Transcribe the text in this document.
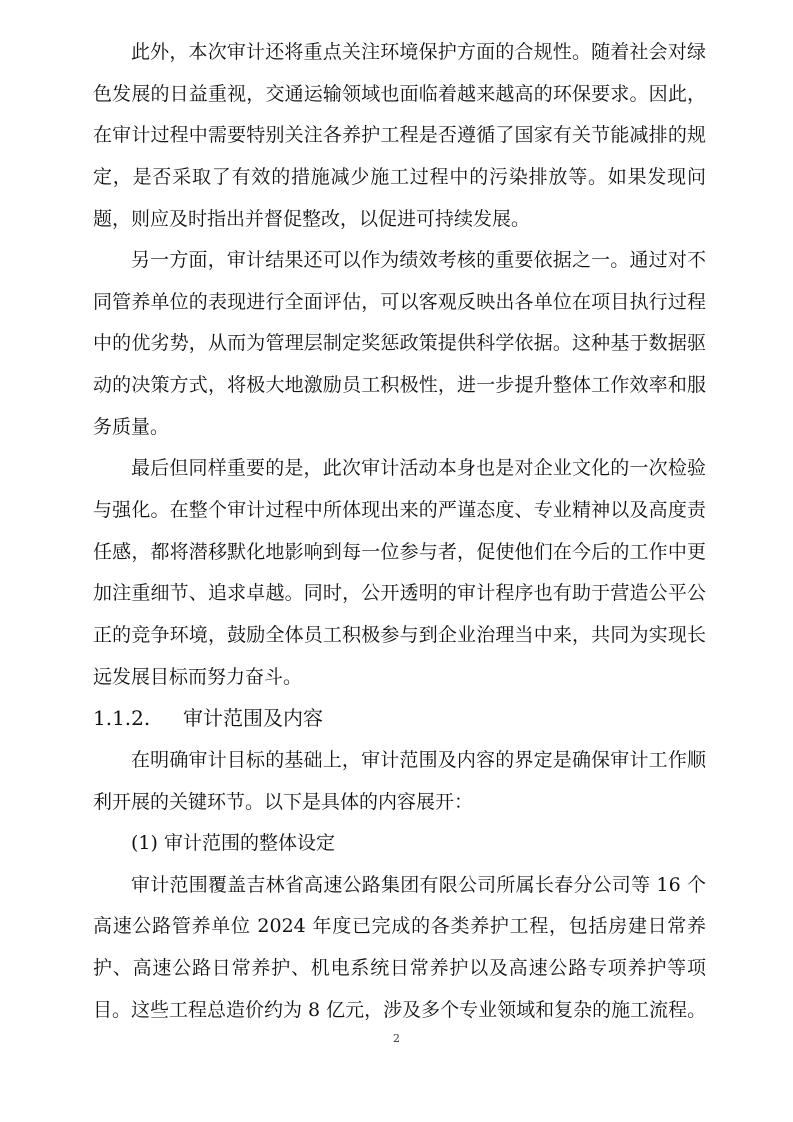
此外，本次审计还将重点关注环境保护方面的合规性。随着社会对绿
色发展的日益重视，交通运输领域也面临着越来越高的环保要求。因此，
在审计过程中需要特别关注各养护工程是否遵循了国家有关节能减排的规
定，是否采取了有效的措施减少施工过程中的污染排放等。如果发现问
题，则应及时指出并督促整改，以促进可持续发展。
另一方面，审计结果还可以作为绩效考核的重要依据之一。通过对不
同管养单位的表现进行全面评估，可以客观反映出各单位在项目执行过程
中的优劣势，从而为管理层制定奖惩政策提供科学依据。这种基于数据驱
动的决策方式，将极大地激励员工积极性，进一步提升整体工作效率和服
务质量。
最后但同样重要的是，此次审计活动本身也是对企业文化的一次检验
与强化。在整个审计过程中所体现出来的严谨态度、专业精神以及高度责
任感，都将潜移默化地影响到每一位参与者，促使他们在今后的工作中更
加注重细节、追求卓越。同时，公开透明的审计程序也有助于营造公平公
正的竞争环境，鼓励全体员工积极参与到企业治理当中来，共同为实现长
远发展目标而努力奋斗。
1.1.2. 审计范围及内容
在明确审计目标的基础上，审计范围及内容的界定是确保审计工作顺
利开展的关键环节。以下是具体的内容展开：
(1) 审计范围的整体设定
审计范围覆盖吉林省高速公路集团有限公司所属长春分公司等 16 个
高速公路管养单位 2024 年度已完成的各类养护工程，包括房建日常养
护、高速公路日常养护、机电系统日常养护以及高速公路专项养护等项
目。这些工程总造价约为 8 亿元，涉及多个专业领域和复杂的施工流程。
2
